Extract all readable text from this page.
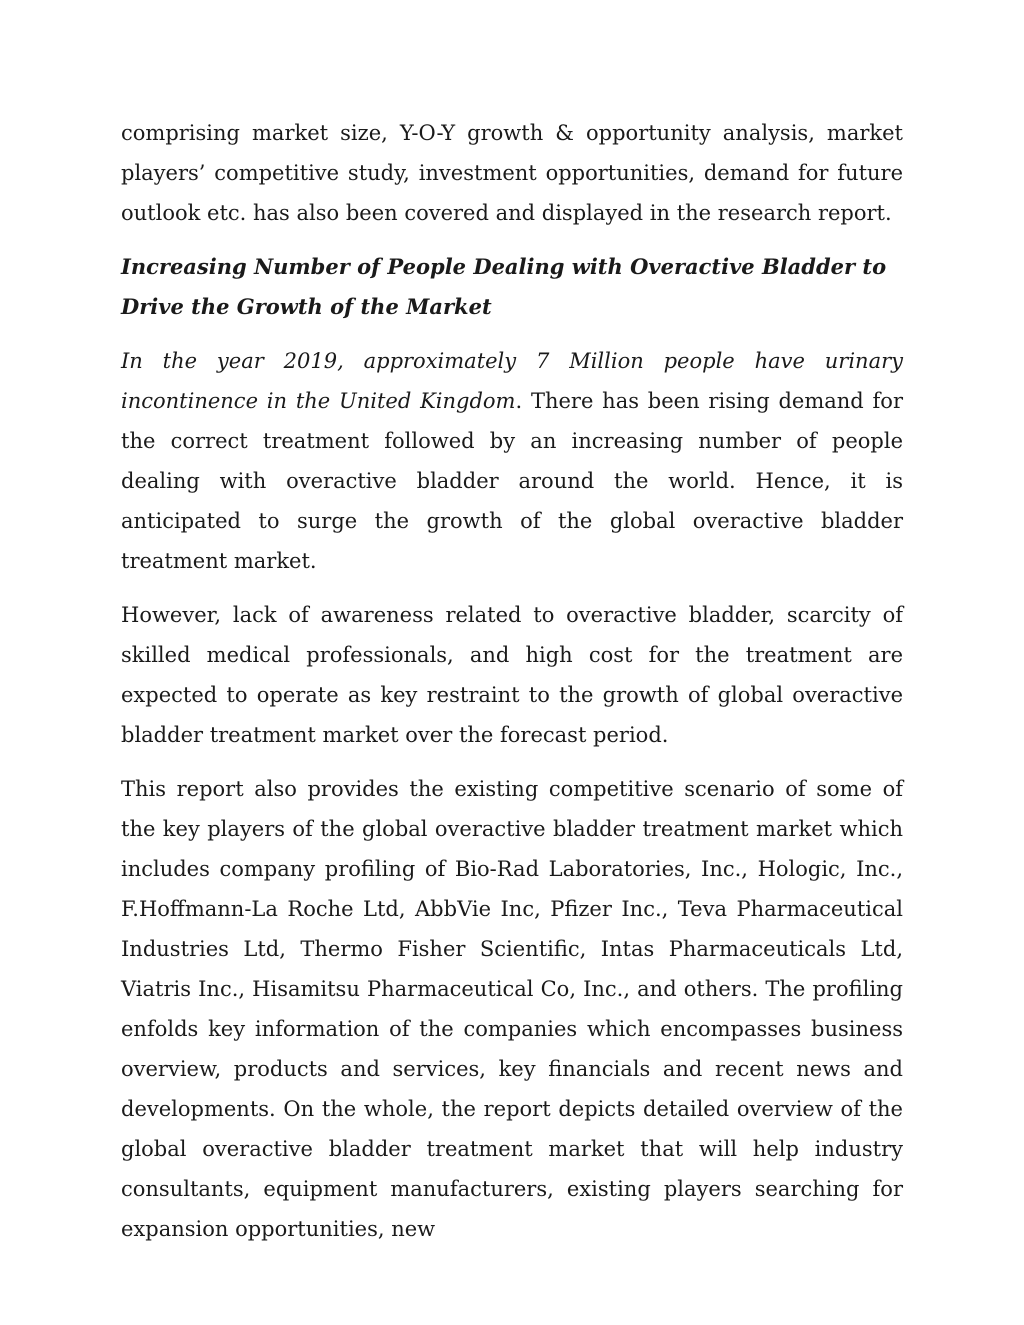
comprising market size, Y-O-Y growth & opportunity analysis, market players’ competitive study, investment opportunities, demand for future outlook etc. has also been covered and displayed in the research report.

Increasing Number of People Dealing with Overactive Bladder to Drive the Growth of the Market

In the year 2019, approximately 7 Million people have urinary incontinence in the United Kingdom. There has been rising demand for the correct treatment followed by an increasing number of people dealing with overactive bladder around the world. Hence, it is anticipated to surge the growth of the global overactive bladder treatment market.

However, lack of awareness related to overactive bladder, scarcity of skilled medical professionals, and high cost for the treatment are expected to operate as key restraint to the growth of global overactive bladder treatment market over the forecast period.

This report also provides the existing competitive scenario of some of the key players of the global overactive bladder treatment market which includes company profiling of Bio-Rad Laboratories, Inc., Hologic, Inc., F.Hoffmann-La Roche Ltd, AbbVie Inc, Pfizer Inc., Teva Pharmaceutical Industries Ltd, Thermo Fisher Scientific, Intas Pharmaceuticals Ltd, Viatris Inc., Hisamitsu Pharmaceutical Co, Inc., and others. The profiling enfolds key information of the companies which encompasses business overview, products and services, key financials and recent news and developments. On the whole, the report depicts detailed overview of the global overactive bladder treatment market that will help industry consultants, equipment manufacturers, existing players searching for expansion opportunities, new
